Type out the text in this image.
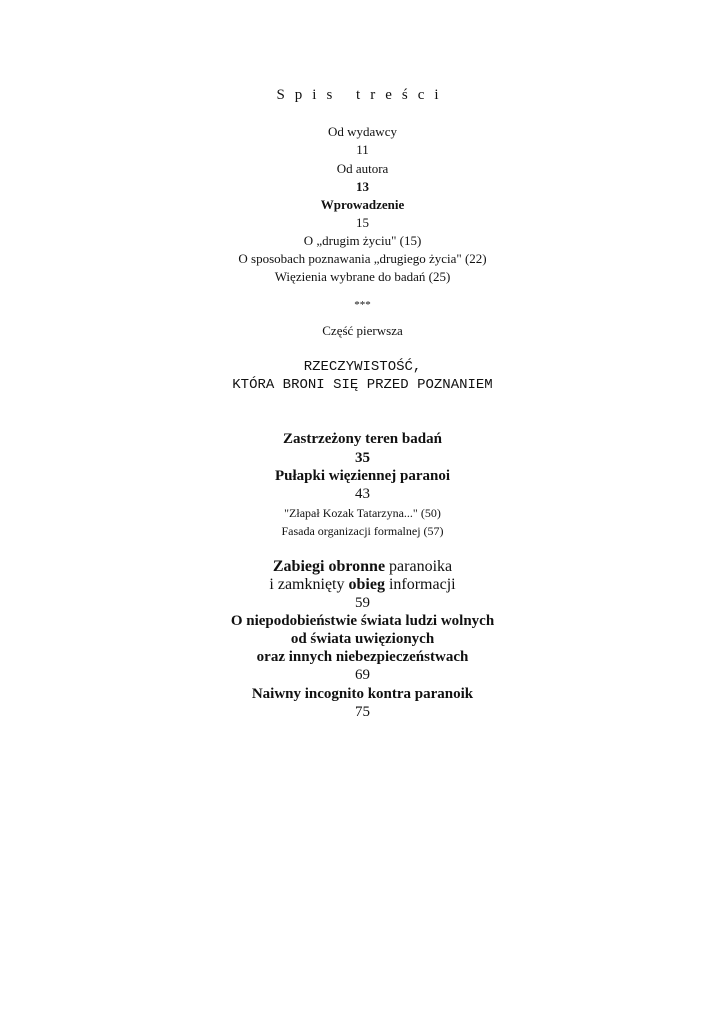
Spis treści
Od wydawcy
11
Od autora
13
Wprowadzenie
15
O „drugim życiu" (15)
O sposobach poznawania „drugiego życia" (22)
Więzienia wybrane do badań (25)
***
Część pierwsza
RZECZYWISTOŚĆ,
KTÓRA BRONI SIĘ PRZED POZNANIEM
Zastrzeżony teren badań
35
Pułapki więziennej paranoi
43
"Złapał Kozak Tatarzyna..." (50)
Fasada organizacji formalnej (57)
Zabiegi obronne paranoika
i zamknięty obieg informacji
59
O niepodobieństwie świata ludzi wolnych
od świata uwięzionych
oraz innych niebezpieczeństwach
69
Naiwny incognito kontra paranoik
75
